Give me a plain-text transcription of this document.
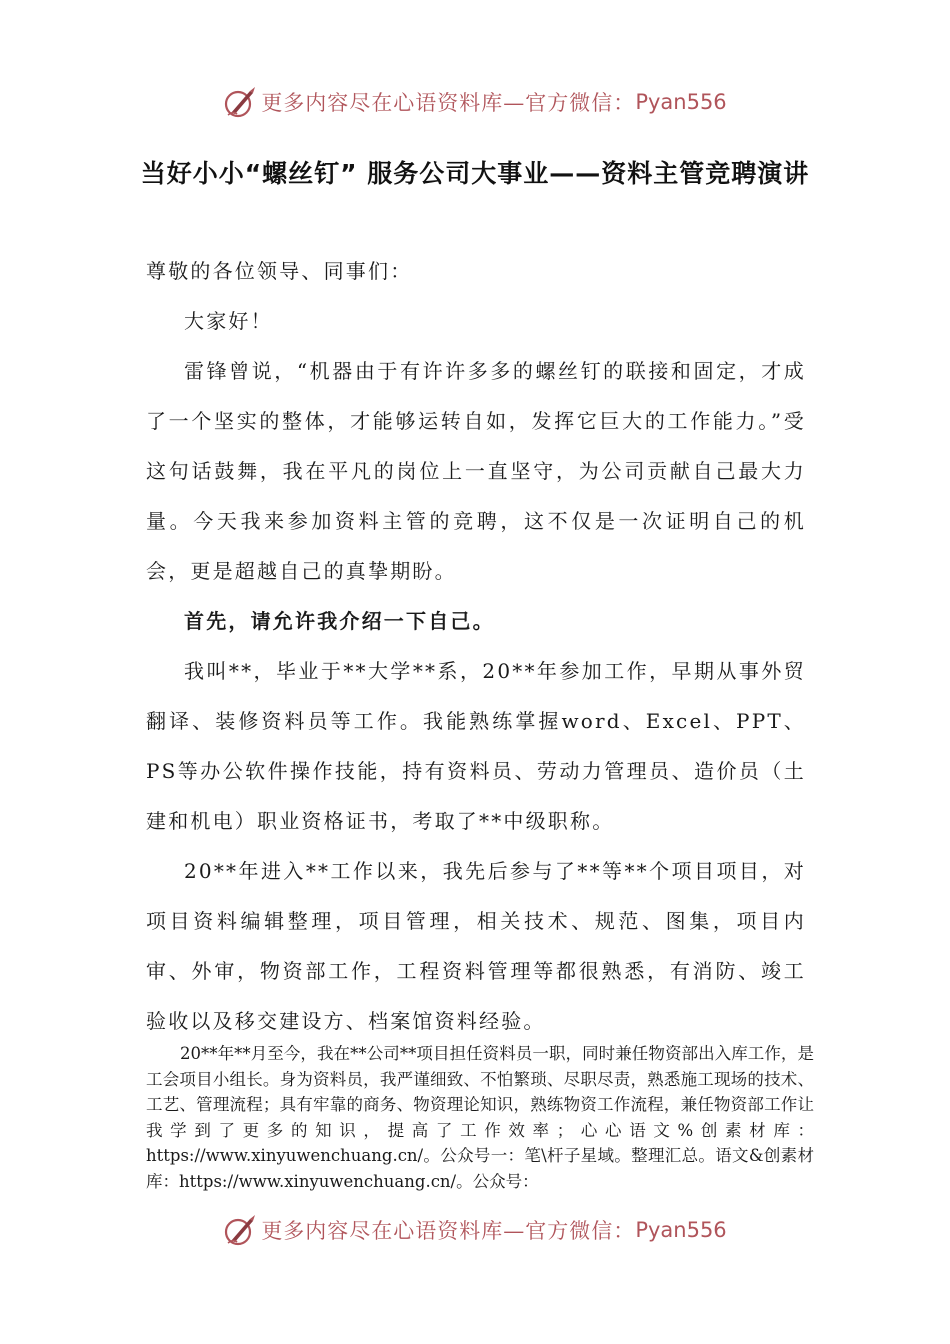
更多内容尽在心语资料库—官方微信： Pyan556
当好小小“螺丝钉” 服务公司大事业——资料主管竞聘演讲

尊敬的各位领导、同事们：

大家好！

雷锋曾说，“机器由于有许许多多的螺丝钉的联接和固定，才成了一个坚实的整体，才能够运转自如，发挥它巨大的工作能力。”受这句话鼓舞，我在平凡的岗位上一直坚守，为公司贡献自己最大力量。今天我来参加资料主管的竞聘，这不仅是一次证明自己的机会，更是超越自己的真挚期盼。

首先，请允许我介绍一下自己。

我叫**，毕业于**大学**系，20**年参加工作，早期从事外贸翻译、装修资料员等工作。我能熟练掌握word、Excel、PPT、PS等办公软件操作技能，持有资料员、劳动力管理员、造价员（土建和机电）职业资格证书，考取了**中级职称。

20**年进入**工作以来，我先后参与了**等**个项目项目，对项目资料编辑整理，项目管理，相关技术、规范、图集，项目内审、外审，物资部工作，工程资料管理等都很熟悉，有消防、竣工验收以及移交建设方、档案馆资料经验。

20**年**月至今，我在**公司**项目担任资料员一职，同时兼任物资部出入库工作，是工会项目小组长。身为资料员，我严谨细致、不怕繁琐、尽职尽责，熟悉施工现场的技术、工艺、管理流程；具有牢靠的商务、物资理论知识，熟练物资工作流程，兼任物资部工作让我学到了更多的知识，提高了工作效率；心心语文%创素材库：https://www.xinyuwenchuang.cn/。公众号一：笔\杆子星域。整理汇总。语文&创素材库：https://www.xinyuwenchuang.cn/。公众号：

更多内容尽在心语资料库—官方微信： Pyan556
